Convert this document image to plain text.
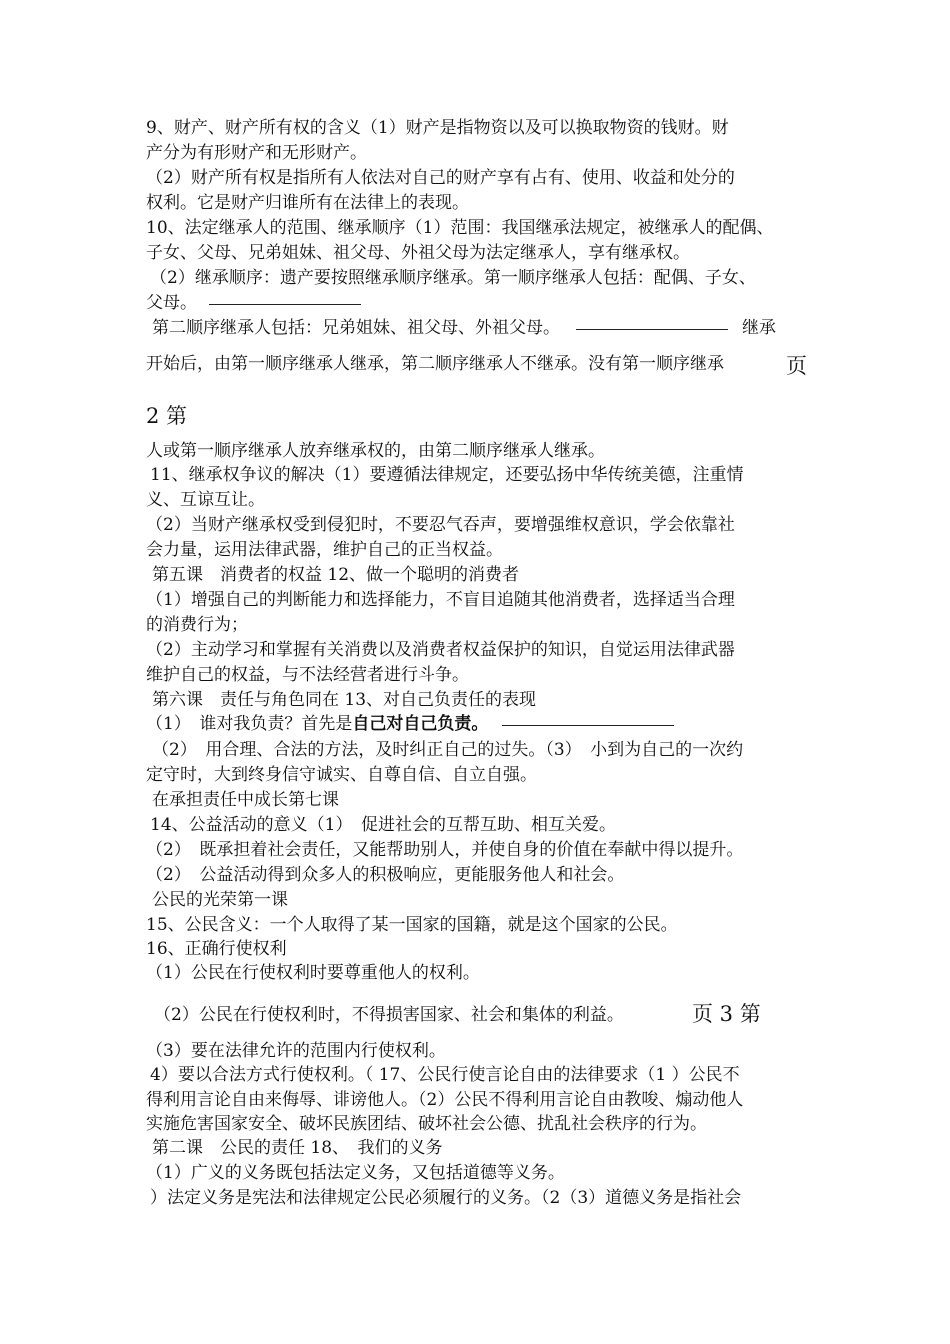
9、财产、财产所有权的含义（1）财产是指物资以及可以换取物资的钱财。财
产分为有形财产和无形财产。
（2）财产所有权是指所有人依法对自己的财产享有占有、使用、收益和处分的
权利。它是财产归谁所有在法律上的表现。
10、法定继承人的范围、继承顺序（1）范围：我国继承法规定，被继承人的配偶、
子女、父母、兄弟姐妹、祖父母、外祖父母为法定继承人，享有继承权。
（2）继承顺序：遗产要按照继承顺序继承。第一顺序继承人包括：配偶、子女、
父母。
第二顺序继承人包括：兄弟姐妹、祖父母、外祖父母。	继承
开始后，由第一顺序继承人继承，第二顺序继承人不继承。没有第一顺序继承	页
2 第
人或第一顺序继承人放弃继承权的，由第二顺序继承人继承。
11、继承权争议的解决（1）要遵循法律规定，还要弘扬中华传统美德，注重情
义、互谅互让。
（2）当财产继承权受到侵犯时，不要忍气吞声，要增强维权意识，学会依靠社
会力量，运用法律武器，维护自己的正当权益。
第五课　消费者的权益 12、做一个聪明的消费者
（1）增强自己的判断能力和选择能力，不盲目追随其他消费者，选择适当合理
的消费行为；
（2）主动学习和掌握有关消费以及消费者权益保护的知识，自觉运用法律武器
维护自己的权益，与不法经营者进行斗争。
第六课　责任与角色同在 13、对自己负责任的表现
（1）　谁对我负责？首先是自己对自己负责。
（2）　用合理、合法的方法，及时纠正自己的过失。（3）　小到为自己的一次约
定守时，大到终身信守诚实、自尊自信、自立自强。
在承担责任中成长第七课
14、公益活动的意义（1）　促进社会的互帮互助、相互关爱。
（2）　既承担着社会责任，又能帮助别人，并使自身的价值在奉献中得以提升。
（2）　公益活动得到众多人的积极响应，更能服务他人和社会。
公民的光荣第一课
15、公民含义：一个人取得了某一国家的国籍，就是这个国家的公民。
16、正确行使权利
（1）公民在行使权利时要尊重他人的权利。
（2）公民在行使权利时，不得损害国家、社会和集体的利益。	页 3 第
（3）要在法律允许的范围内行使权利。
4）要以合法方式行使权利。（ 17、公民行使言论自由的法律要求（1 ）公民不
得利用言论自由来侮辱、诽谤他人。（2）公民不得利用言论自由教唆、煽动他人
实施危害国家安全、破坏民族团结、破坏社会公德、扰乱社会秩序的行为。
第二课　公民的责任 18、　我们的义务
（1）广义的义务既包括法定义务，又包括道德等义务。
）法定义务是宪法和法律规定公民必须履行的义务。（2（3）道德义务是指社会
